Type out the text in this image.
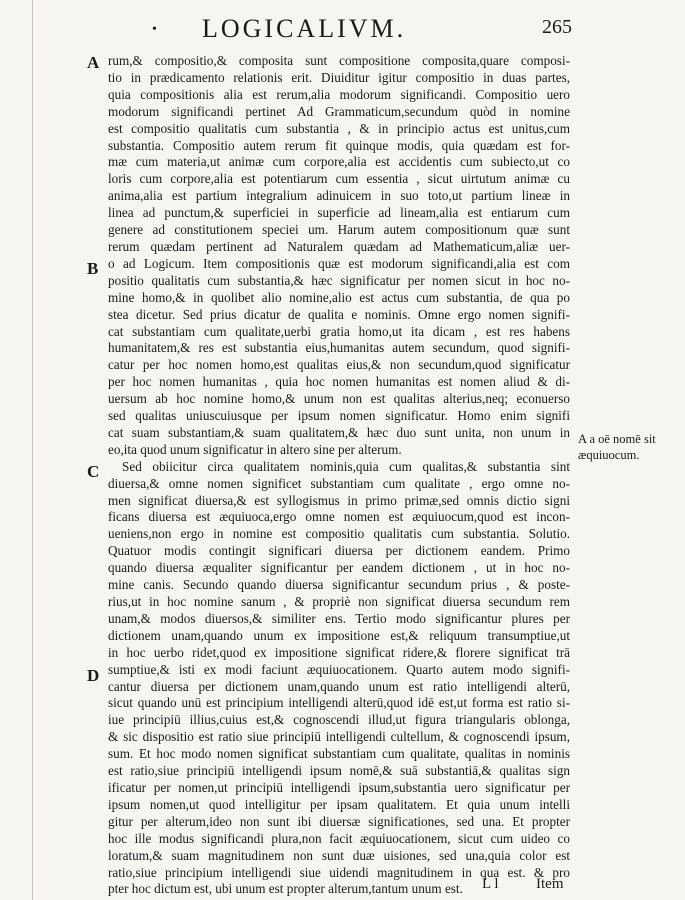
• LOGICALIVM.	265
A
B
C
D
rum,& compositio,& composita sunt compositione composita,quare composi-
tio in prædicamento relationis erit. Diuiditur igitur compositio in duas partes,
quia compositionis alia est rerum,alia modorum significandi. Compositio uero
modorum significandi pertinet Ad Grammaticum,secundum quòd in nomine
est compositio qualitatis cum substantia , & in principio actus est unitus,cum
substantia. Compositio autem rerum fit quinque modis, quia quædam est for-
mæ cum materia,ut animæ cum corpore,alia est accidentis cum subiecto,ut co
loris cum corpore,alia est potentiarum cum essentia , sicut uirtutum animæ cu
anima,alia est partium integralium adinuicem in suo toto,ut partium lineæ in
linea ad punctum,& superficiei in superficie ad lineam,alia est entiarum cum
genere ad constitutionem speciei um. Harum autem compositionum quæ sunt
rerum quædam pertinent ad Naturalem quædam ad Mathematicum,aliæ uer-
o ad Logicum. Item compositionis quæ est modorum significandi,alia est com
positio qualitatis cum substantia,& hæc significatur per nomen sicut in hoc no-
mine homo,& in quolibet alio nomine,alio est actus cum substantia, de qua po
stea dicetur. Sed prius dicatur de qualita e nominis. Omne ergo nomen signifi-
cat substantiam cum qualitate,uerbi gratia homo,ut ita dicam , est res habens
humanitatem,& res est substantia eius,humanitas autem secundum, quod signifi-
catur per hoc nomen homo,est qualitas eius,& non secundum,quod significatur
per hoc nomen humanitas , quia hoc nomen humanitas est nomen aliud & di-
uersum ab hoc nomine homo,& unum non est qualitas alterius,neq; econuerso
sed qualitas uniuscuiusque per ipsum nomen significatur. Homo enim signifi
cat suam substantiam,& suam qualitatem,& hæc duo sunt unita, non unum in
eo,ita quod unum significatur in altero sine per alterum.
Sed obiicitur circa qualitatem nominis,quia cum qualitas,& substantia sint
diuersa,& omne nomen significet substantiam cum qualitate , ergo omne no-
men significat diuersa,& est syllogismus in primo primæ,sed omnis dictio signi
ficans diuersa est æquiuoca,ergo omne nomen est æquiuocum,quod est incon-
ueniens,non ergo in nomine est compositio qualitatis cum substantia. Solutio.
Quatuor modis contingit significari diuersa per dictionem eandem. Primo
quando diuersa æqualiter significantur per eandem dictionem , ut in hoc no-
mine canis. Secundo quando diuersa significantur secundum prius , & poste-
rius,ut in hoc nomine sanum , & propriè non significat diuersa secundum rem
unam,& modos diuersos,& similiter ens. Tertio modo significantur plures per
dictionem unam,quando unum ex impositione est,& reliquum transumptiue,ut
in hoc uerbo ridet,quod ex impositione significat ridere,& florere significat trā
sumptiue,& isti ex modi faciunt æquiuocationem. Quarto autem modo signifi-
cantur diuersa per dictionem unam,quando unum est ratio intelligendi alterū,
sicut quando unū est principium intelligendi alterū,quod idē est,ut forma est ratio si-
iue principiū illius,cuius est,& cognoscendi illud,ut figura triangularis oblonga,
& sic dispositio est ratio siue principiū intelligendi cultellum, & cognoscendi ipsum,
sum. Et hoc modo nomen significat substantiam cum qualitate, qualitas in nominis
est ratio,siue principiū intelligendi ipsum nomē,& suā substantiā,& qualitas sign
ificatur per nomen,ut principiū intelligendi ipsum,substantia uero significatur per
ipsum nomen,ut quod intelligitur per ipsam qualitatem. Et quia unum intelli
gitur per alterum,ideo non sunt ibi diuersæ significationes, sed una. Et propter
hoc ille modus significandi plura,non facit æquiuocationem, sicut cum uideo co
loratum,& suam magnitudinem non sunt duæ uisiones, sed una,quia color est
ratio,siue principium intelligendi siue uidendi magnitudinem in qua est. & pro
pter hoc dictum est, ubi unum est propter alterum,tantum unum est.
A a oē nomē sit æquiuocum.
L l Item
